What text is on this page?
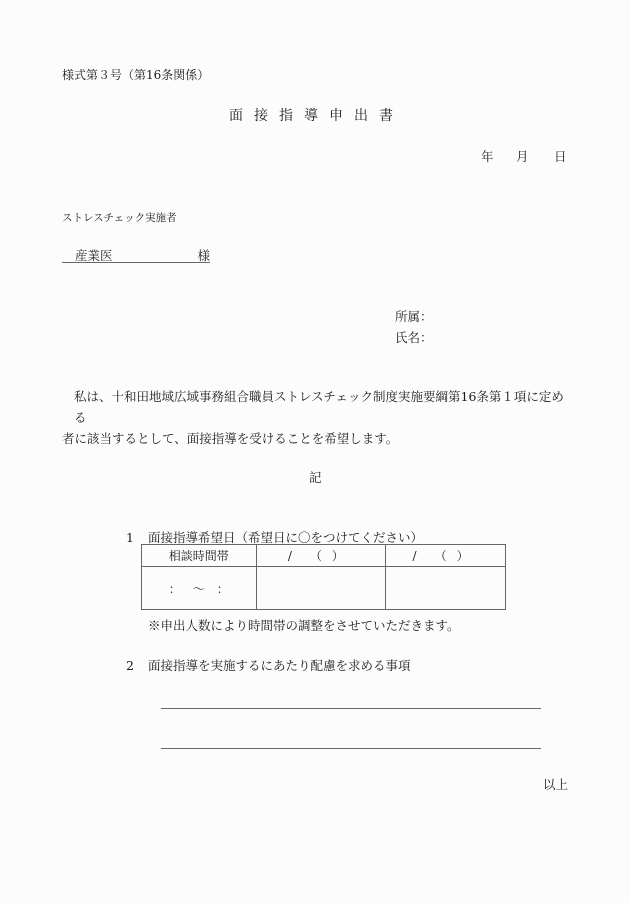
様式第３号（第16条関係）
面接指導申出書
年	月	日
ストレスチェック実施者
産業医	様
所属：
氏名：

私は、十和田地域広域事務組合職員ストレスチェック制度実施要綱第16条第１項に定める

者に該当するとして、面接指導を受けることを希望します。

記
1 面接指導希望日（希望日に〇をつけてください）
相談時間帯	/ （）	/ （）
： ～ ：		
※申出人数により時間帯の調整をさせていただきます。
2 面接指導を実施するにあたり配慮を求める事項
以上
